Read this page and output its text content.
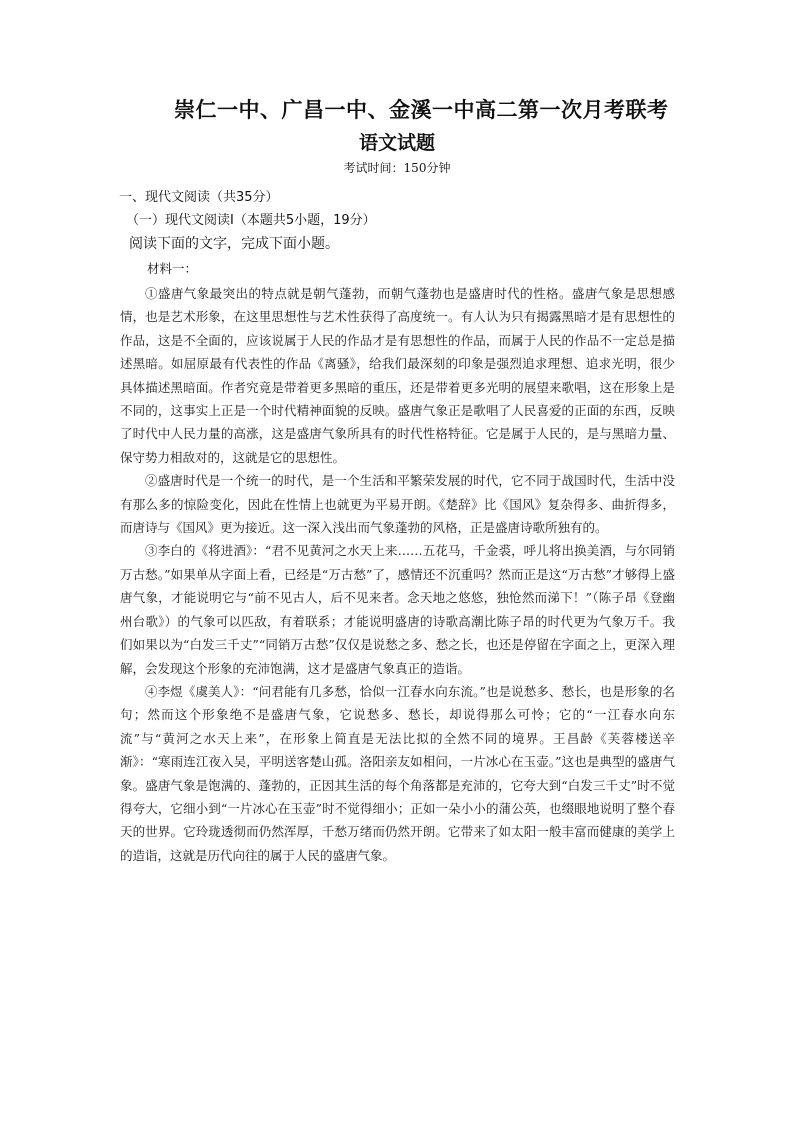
崇仁一中、广昌一中、金溪一中高二第一次月考联考
语文试题
考试时间：150分钟
一、现代文阅读（共35分）
（一）现代文阅读Ⅰ（本题共5小题，19分）
阅读下面的文字，完成下面小题。
材料一：

①盛唐气象最突出的特点就是朝气蓬勃，而朝气蓬勃也是盛唐时代的性格。盛唐气象是思想感情，也是艺术形象，在这里思想性与艺术性获得了高度统一。有人认为只有揭露黑暗才是有思想性的作品，这是不全面的，应该说属于人民的作品才是有思想性的作品，而属于人民的作品不一定总是描述黑暗。如屈原最有代表性的作品《离骚》，给我们最深刻的印象是强烈追求理想、追求光明，很少具体描述黑暗面。作者究竟是带着更多黑暗的重压，还是带着更多光明的展望来歌唱，这在形象上是不同的，这事实上正是一个时代精神面貌的反映。盛唐气象正是歌唱了人民喜爱的正面的东西，反映了时代中人民力量的高涨，这是盛唐气象所具有的时代性格特征。它是属于人民的，是与黑暗力量、保守势力相敌对的，这就是它的思想性。

②盛唐时代是一个统一的时代，是一个生活和平繁荣发展的时代，它不同于战国时代，生活中没有那么多的惊险变化，因此在性情上也就更为平易开朗。《楚辞》比《国风》复杂得多、曲折得多，而唐诗与《国风》更为接近。这一深入浅出而气象蓬勃的风格，正是盛唐诗歌所独有的。

③李白的《将进酒》：“君不见黄河之水天上来……五花马，千金裘，呼儿将出换美酒，与尔同销万古愁。”如果单从字面上看，已经是“万古愁”了，感情还不沉重吗？然而正是这“万古愁”才够得上盛唐气象，才能说明它与“前不见古人，后不见来者。念天地之悠悠，独怆然而涕下！”（陈子昂《登幽州台歌》）的气象可以匹敌，有着联系；才能说明盛唐的诗歌高潮比陈子昂的时代更为气象万千。我们如果以为“白发三千丈”“同销万古愁”仅仅是说愁之多、愁之长，也还是停留在字面之上，更深入理解，会发现这个形象的充沛饱满，这才是盛唐气象真正的造诣。

④李煜《虞美人》：“问君能有几多愁，恰似一江春水向东流。”也是说愁多、愁长，也是形象的名句；然而这个形象绝不是盛唐气象，它说愁多、愁长，却说得那么可怜；它的“一江春水向东流”与“黄河之水天上来”，在形象上简直是无法比拟的全然不同的境界。王昌龄《芙蓉楼送辛渐》：“寒雨连江夜入吴，平明送客楚山孤。洛阳亲友如相问，一片冰心在玉壶。”这也是典型的盛唐气象。盛唐气象是饱满的、蓬勃的，正因其生活的每个角落都是充沛的，它夸大到“白发三千丈”时不觉得夸大，它细小到“一片冰心在玉壶”时不觉得细小；正如一朵小小的蒲公英，也缀眼地说明了整个春天的世界。它玲珑透彻而仍然浑厚，千愁万绪而仍然开朗。它带来了如太阳一般丰富而健康的美学上的造诣，这就是历代向往的属于人民的盛唐气象。
